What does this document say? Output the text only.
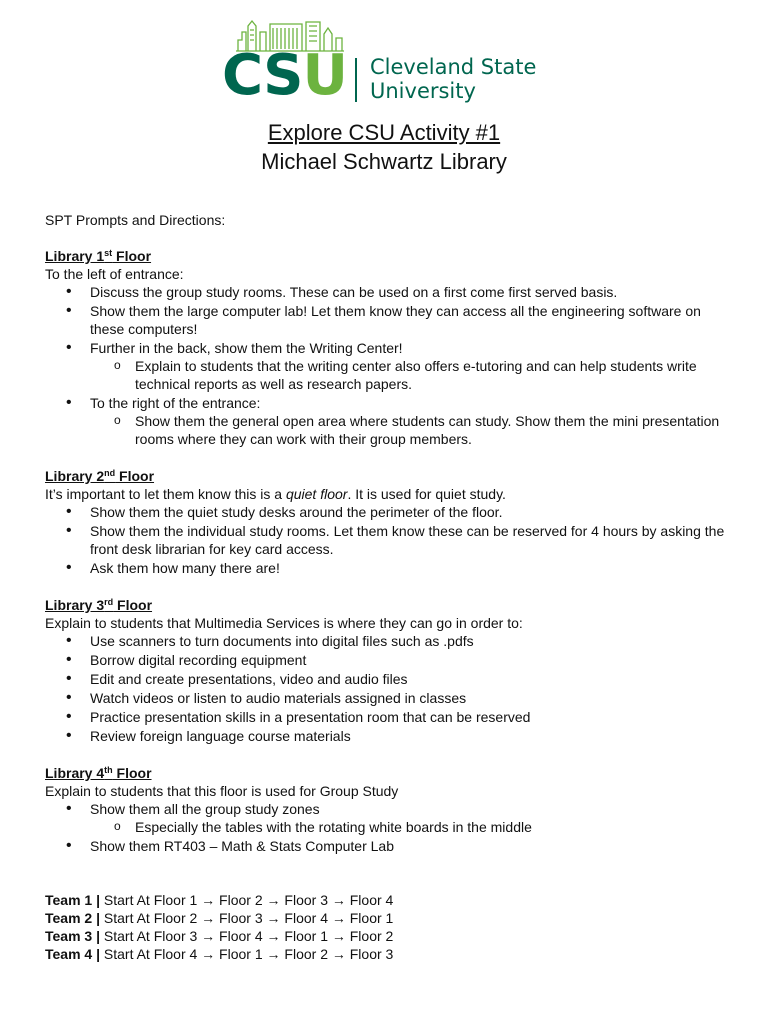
CSU Cleveland State
University
Explore CSU Activity #1
Michael Schwartz Library

SPT Prompts and Directions:

Library 1st Floor

To the left of entrance:

• Discuss the group study rooms. These can be used on a first come first served basis.
• Show them the large computer lab! Let them know they can access all the engineering software on these computers!
• Further in the back, show them the Writing Center!
o Explain to students that the writing center also offers e-tutoring and can help students write technical reports as well as research papers.
• To the right of the entrance:
o Show them the general open area where students can study. Show them the mini presentation rooms where they can work with their group members.

Library 2nd Floor

It’s important to let them know this is a quiet floor. It is used for quiet study.

• Show them the quiet study desks around the perimeter of the floor.
• Show them the individual study rooms. Let them know these can be reserved for 4 hours by asking the front desk librarian for key card access.
• Ask them how many there are!

Library 3rd Floor

Explain to students that Multimedia Services is where they can go in order to:

• Use scanners to turn documents into digital files such as .pdfs
• Borrow digital recording equipment
• Edit and create presentations, video and audio files
• Watch videos or listen to audio materials assigned in classes
• Practice presentation skills in a presentation room that can be reserved
• Review foreign language course materials

Library 4th Floor

Explain to students that this floor is used for Group Study

• Show them all the group study zones
o Especially the tables with the rotating white boards in the middle
• Show them RT403 – Math & Stats Computer Lab
Team 1 | Start At Floor 1 → Floor 2 → Floor 3 → Floor 4
Team 2 | Start At Floor 2 → Floor 3 → Floor 4 → Floor 1
Team 3 | Start At Floor 3 → Floor 4 → Floor 1 → Floor 2
Team 4 | Start At Floor 4 → Floor 1 → Floor 2 → Floor 3
